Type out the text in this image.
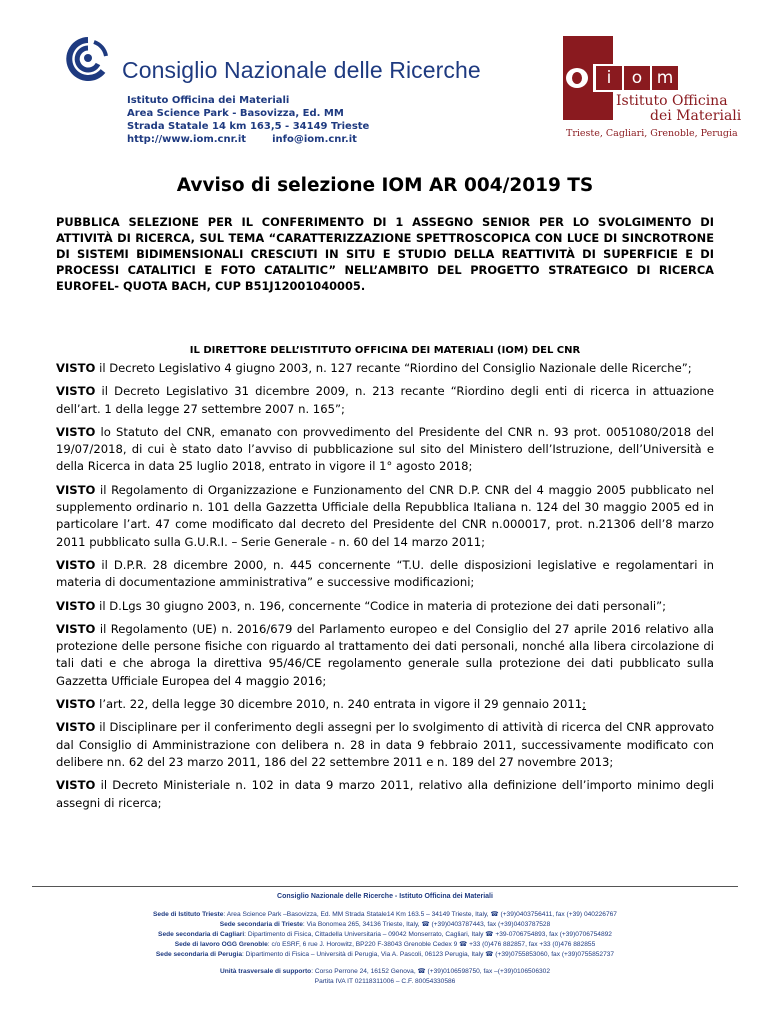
Consiglio Nazionale delle Ricerche
Istituto Officina dei Materiali
Area Science Park - Basovizza, Ed. MM
Strada Statale 14 km 163,5 - 34149 Trieste
http://www.iom.cnr.it	info@iom.cnr.it
i	o m
Istituto Officina
dei Materiali
Trieste, Cagliari, Grenoble, Perugia
Avviso di selezione IOM AR 004/2019 TS
PUBBLICA SELEZIONE PER IL CONFERIMENTO DI 1 ASSEGNO SENIOR PER LO SVOLGIMENTO DI ATTIVITÀ DI RICERCA, SUL TEMA “CARATTERIZZAZIONE SPETTROSCOPICA CON LUCE DI SINCROTRONE DI SISTEMI BIDIMENSIONALI CRESCIUTI IN SITU E STUDIO DELLA REATTIVITÀ DI SUPERFICIE E DI PROCESSI CATALITICI E FOTO CATALITIC” NELL’AMBITO DEL PROGETTO STRATEGICO DI RICERCA EUROFEL- QUOTA BACH, CUP B51J12001040005.
IL DIRETTORE DELL’ISTITUTO OFFICINA DEI MATERIALI (IOM) DEL CNR
VISTO il Decreto Legislativo 4 giugno 2003, n. 127 recante “Riordino del Consiglio Nazionale delle Ricerche”;
VISTO il Decreto Legislativo 31 dicembre 2009, n. 213 recante “Riordino degli enti di ricerca in attuazione dell’art. 1 della legge 27 settembre 2007 n. 165”;
VISTO lo Statuto del CNR, emanato con provvedimento del Presidente del CNR n. 93 prot. 0051080/2018 del 19/07/2018, di cui è stato dato l’avviso di pubblicazione sul sito del Ministero dell’Istruzione, dell’Università e della Ricerca in data 25 luglio 2018, entrato in vigore il 1° agosto 2018;
VISTO il Regolamento di Organizzazione e Funzionamento del CNR D.P. CNR del 4 maggio 2005 pubblicato nel supplemento ordinario n. 101 della Gazzetta Ufficiale della Repubblica Italiana n. 124 del 30 maggio 2005 ed in particolare l’art. 47 come modificato dal decreto del Presidente del CNR n.000017, prot. n.21306 dell’8 marzo 2011 pubblicato sulla G.U.R.I. – Serie Generale - n. 60 del 14 marzo 2011;
VISTO il D.P.R. 28 dicembre 2000, n. 445 concernente “T.U. delle disposizioni legislative e regolamentari in materia di documentazione amministrativa” e successive modificazioni;
VISTO il D.Lgs 30 giugno 2003, n. 196, concernente “Codice in materia di protezione dei dati personali”;
VISTO il Regolamento (UE) n. 2016/679 del Parlamento europeo e del Consiglio del 27 aprile 2016 relativo alla protezione delle persone fisiche con riguardo al trattamento dei dati personali, nonché alla libera circolazione di tali dati e che abroga la direttiva 95/46/CE regolamento generale sulla protezione dei dati pubblicato sulla Gazzetta Ufficiale Europea del 4 maggio 2016;
VISTO l’art. 22, della legge 30 dicembre 2010, n. 240 entrata in vigore il 29 gennaio 2011;
VISTO il Disciplinare per il conferimento degli assegni per lo svolgimento di attività di ricerca del CNR approvato dal Consiglio di Amministrazione con delibera n. 28 in data 9 febbraio 2011, successivamente modificato con delibere nn. 62 del 23 marzo 2011, 186 del 22 settembre 2011 e n. 189 del 27 novembre 2013;
VISTO il Decreto Ministeriale n. 102 in data 9 marzo 2011, relativo alla definizione dell’importo minimo degli assegni di ricerca;
Consiglio Nazionale delle Ricerche - Istituto Officina dei Materiali
Sede di Istituto Trieste: Area Science Park –Basovizza, Ed. MM Strada Statale14 Km 163.5 – 34149 Trieste, Italy, ☎ (+39)0403756411, fax (+39) 040226767
Sede secondaria di Trieste: Via Bonomea 265, 34136 Trieste, Italy, ☎ (+39)0403787443, fax (+39)0403787528
Sede secondaria di Cagliari: Dipartimento di Fisica, Cittadella Universitaria – 09042 Monserrato, Cagliari, Italy ☎ +39-0706754893, fax (+39)0706754892
Sede di lavoro OGG Grenoble: c/o ESRF, 6 rue J. Horowitz, BP220 F-38043 Grenoble Cedex 9 ☎ +33 (0)476 882857, fax +33 (0)476 882855
Sede secondaria di Perugia: Dipartimento di Fisica – Università di Perugia, Via A. Pascoli, 06123 Perugia, Italy ☎ (+39)0755853060, fax (+39)0755852737
Unità trasversale di supporto: Corso Perrone 24, 16152 Genova, ☎ (+39)0106598750, fax –(+39)0106506302
Partita IVA IT 02118311006 – C.F. 80054330586
